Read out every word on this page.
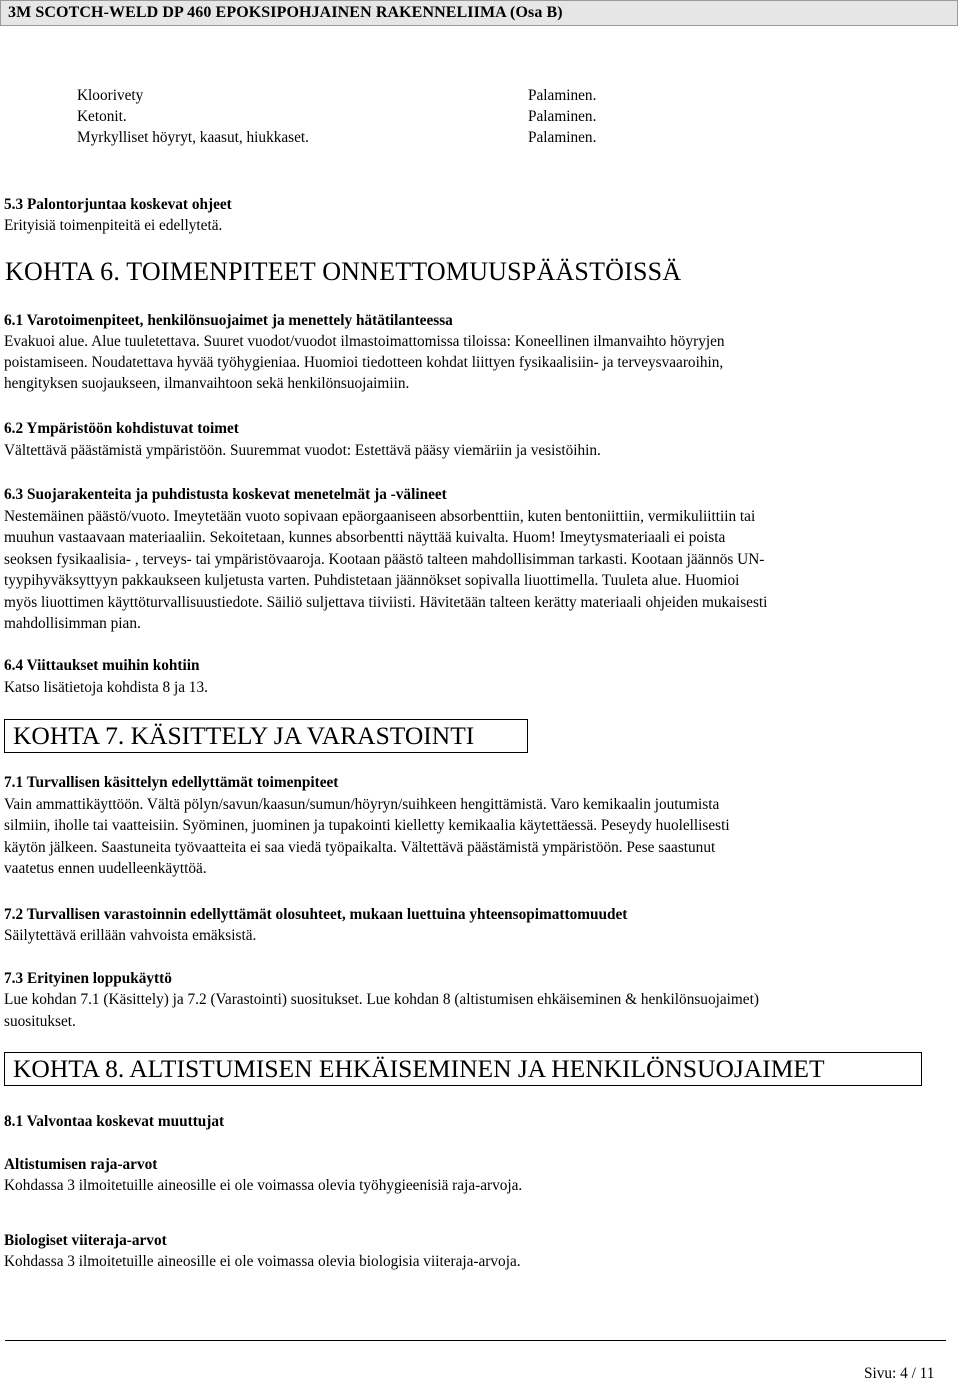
3M SCOTCH-WELD DP 460 EPOKSIPOHJAINEN RAKENNELIIMA (Osa B)
Kloorivety	Palaminen.
Ketonit.	Palaminen.
Myrkylliset höyryt, kaasut, hiukkaset.	Palaminen.
5.3 Palontorjuntaa koskevat ohjeet
Erityisiä toimenpiteitä ei edellytetä.
KOHTA 6. TOIMENPITEET ONNETTOMUUSPÄÄSTÖISSÄ
6.1 Varotoimenpiteet, henkilönsuojaimet ja menettely hätätilanteessa
Evakuoi alue. Alue tuuletettava. Suuret vuodot/vuodot ilmastoimattomissa tiloissa: Koneellinen ilmanvaihto höyryjen
poistamiseen. Noudatettava hyvää työhygieniaa. Huomioi tiedotteen kohdat liittyen fysikaalisiin- ja terveysvaaroihin,
hengityksen suojaukseen, ilmanvaihtoon sekä henkilönsuojaimiin.
6.2 Ympäristöön kohdistuvat toimet
Vältettävä päästämistä ympäristöön. Suuremmat vuodot: Estettävä pääsy viemäriin ja vesistöihin.
6.3 Suojarakenteita ja puhdistusta koskevat menetelmät ja -välineet
Nestemäinen päästö/vuoto. Imeytetään vuoto sopivaan epäorgaaniseen absorbenttiin, kuten bentoniittiin, vermikuliittiin tai
muuhun vastaavaan materiaaliin. Sekoitetaan, kunnes absorbentti näyttää kuivalta. Huom! Imeytysmateriaali ei poista
seoksen fysikaalisia- , terveys- tai ympäristövaaroja. Kootaan päästö talteen mahdollisimman tarkasti. Kootaan jäännös UN-
tyypihyväksyttyyn pakkaukseen kuljetusta varten. Puhdistetaan jäännökset sopivalla liuottimella. Tuuleta alue. Huomioi
myös liuottimen käyttöturvallisuustiedote. Säiliö suljettava tiiviisti. Hävitetään talteen kerätty materiaali ohjeiden mukaisesti
mahdollisimman pian.
6.4 Viittaukset muihin kohtiin
Katso lisätietoja kohdista 8 ja 13.
KOHTA 7. KÄSITTELY JA VARASTOINTI
7.1 Turvallisen käsittelyn edellyttämät toimenpiteet
Vain ammattikäyttöön. Vältä pölyn/savun/kaasun/sumun/höyryn/suihkeen hengittämistä. Varo kemikaalin joutumista
silmiin, iholle tai vaatteisiin. Syöminen, juominen ja tupakointi kielletty kemikaalia käytettäessä. Peseydy huolellisesti
käytön jälkeen. Saastuneita työvaatteita ei saa viedä työpaikalta. Vältettävä päästämistä ympäristöön. Pese saastunut
vaatetus ennen uudelleenkäyttöä.
7.2 Turvallisen varastoinnin edellyttämät olosuhteet, mukaan luettuina yhteensopimattomuudet
Säilytettävä erillään vahvoista emäksistä.
7.3 Erityinen loppukäyttö
Lue kohdan 7.1 (Käsittely) ja 7.2 (Varastointi) suositukset. Lue kohdan 8 (altistumisen ehkäiseminen & henkilönsuojaimet)
suositukset.
KOHTA 8. ALTISTUMISEN EHKÄISEMINEN JA HENKILÖNSUOJAIMET
8.1 Valvontaa koskevat muuttujat
Altistumisen raja-arvot
Kohdassa 3 ilmoitetuille aineosille ei ole voimassa olevia työhygieenisiä raja-arvoja.
Biologiset viiteraja-arvot
Kohdassa 3 ilmoitetuille aineosille ei ole voimassa olevia biologisia viiteraja-arvoja.
Sivu: 4 / 11
